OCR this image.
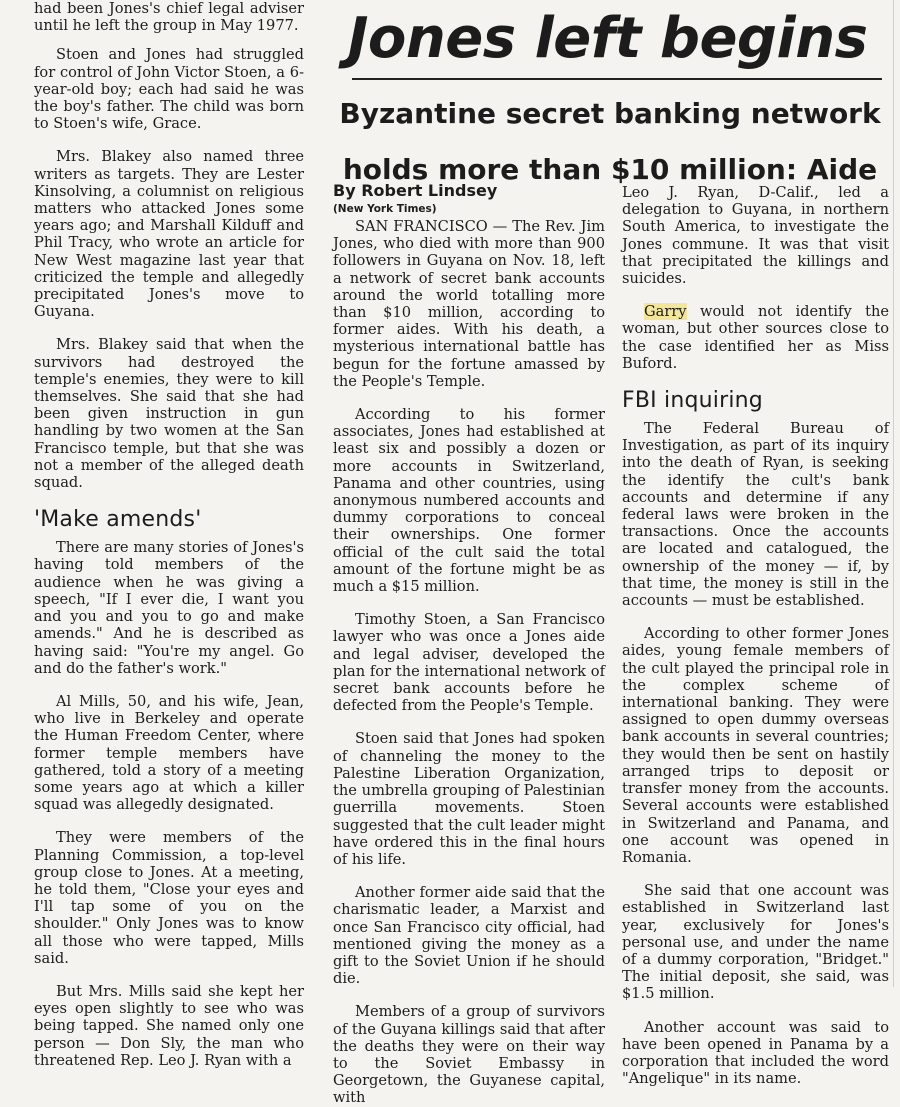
had been Jones's chief legal adviser until he left the group in May 1977.

Stoen and Jones had struggled for control of John Victor Stoen, a 6-year-old boy; each had said he was the boy's father. The child was born to Stoen's wife, Grace.

Mrs. Blakey also named three writers as targets. They are Lester Kinsolving, a columnist on religious matters who attacked Jones some years ago; and Marshall Kilduff and Phil Tracy, who wrote an article for New West magazine last year that criticized the temple and allegedly precipitated Jones's move to Guyana.

Mrs. Blakey said that when the survivors had destroyed the temple's enemies, they were to kill themselves. She said that she had been given instruction in gun handling by two women at the San Francisco temple, but that she was not a member of the alleged death squad.

'Make amends'

There are many stories of Jones's having told members of the audience when he was giving a speech, "If I ever die, I want you and you and you to go and make amends." And he is described as having said: "You're my angel. Go and do the father's work."

Al Mills, 50, and his wife, Jean, who live in Berkeley and operate the Human Freedom Center, where former temple members have gathered, told a story of a meeting some years ago at which a killer squad was allegedly designated.

They were members of the Planning Commission, a top-level group close to Jones. At a meeting, he told them, "Close your eyes and I'll tap some of you on the shoulder." Only Jones was to know all those who were tapped, Mills said.

But Mrs. Mills said she kept her eyes open slightly to see who was being tapped. She named only one person — Don Sly, the man who threatened Rep. Leo J. Ryan with a

Jones left begins
Byzantine secret banking network
holds more than $10 million: Aide
By Robert Lindsey
(New York Times)

SAN FRANCISCO — The Rev. Jim Jones, who died with more than 900 followers in Guyana on Nov. 18, left a network of secret bank accounts around the world totalling more than $10 million, according to former aides. With his death, a mysterious international battle has begun for the fortune amassed by the People's Temple.

According to his former associates, Jones had established at least six and possibly a dozen or more accounts in Switzerland, Panama and other countries, using anonymous numbered accounts and dummy corporations to conceal their ownerships. One former official of the cult said the total amount of the fortune might be as much a $15 million.

Timothy Stoen, a San Francisco lawyer who was once a Jones aide and legal adviser, developed the plan for the international network of secret bank accounts before he defected from the People's Temple.

Stoen said that Jones had spoken of channeling the money to the Palestine Liberation Organization, the umbrella grouping of Palestinian guerrilla movements. Stoen suggested that the cult leader might have ordered this in the final hours of his life.

Another former aide said that the charismatic leader, a Marxist and once San Francisco city official, had mentioned giving the money as a gift to the Soviet Union if he should die.

Members of a group of survivors of the Guyana killings said that after the deaths they were on their way to the Soviet Embassy in Georgetown, the Guyanese capital, with

Leo J. Ryan, D-Calif., led a delegation to Guyana, in northern South America, to investigate the Jones commune. It was that visit that precipitated the killings and suicides.

Garry would not identify the woman, but other sources close to the case identified her as Miss Buford.

FBI inquiring

The Federal Bureau of Investigation, as part of its inquiry into the death of Ryan, is seeking the identify the cult's bank accounts and determine if any federal laws were broken in the transactions. Once the accounts are located and catalogued, the ownership of the money — if, by that time, the money is still in the accounts — must be established.

According to other former Jones aides, young female members of the cult played the principal role in the complex scheme of international banking. They were assigned to open dummy overseas bank accounts in several countries; they would then be sent on hastily arranged trips to deposit or transfer money from the accounts. Several accounts were established in Switzerland and Panama, and one account was opened in Romania.

She said that one account was established in Switzerland last year, exclusively for Jones's personal use, and under the name of a dummy corporation, "Bridget." The initial deposit, she said, was $1.5 million.

Another account was said to have been opened in Panama by a corporation that included the word "Angelique" in its name.
